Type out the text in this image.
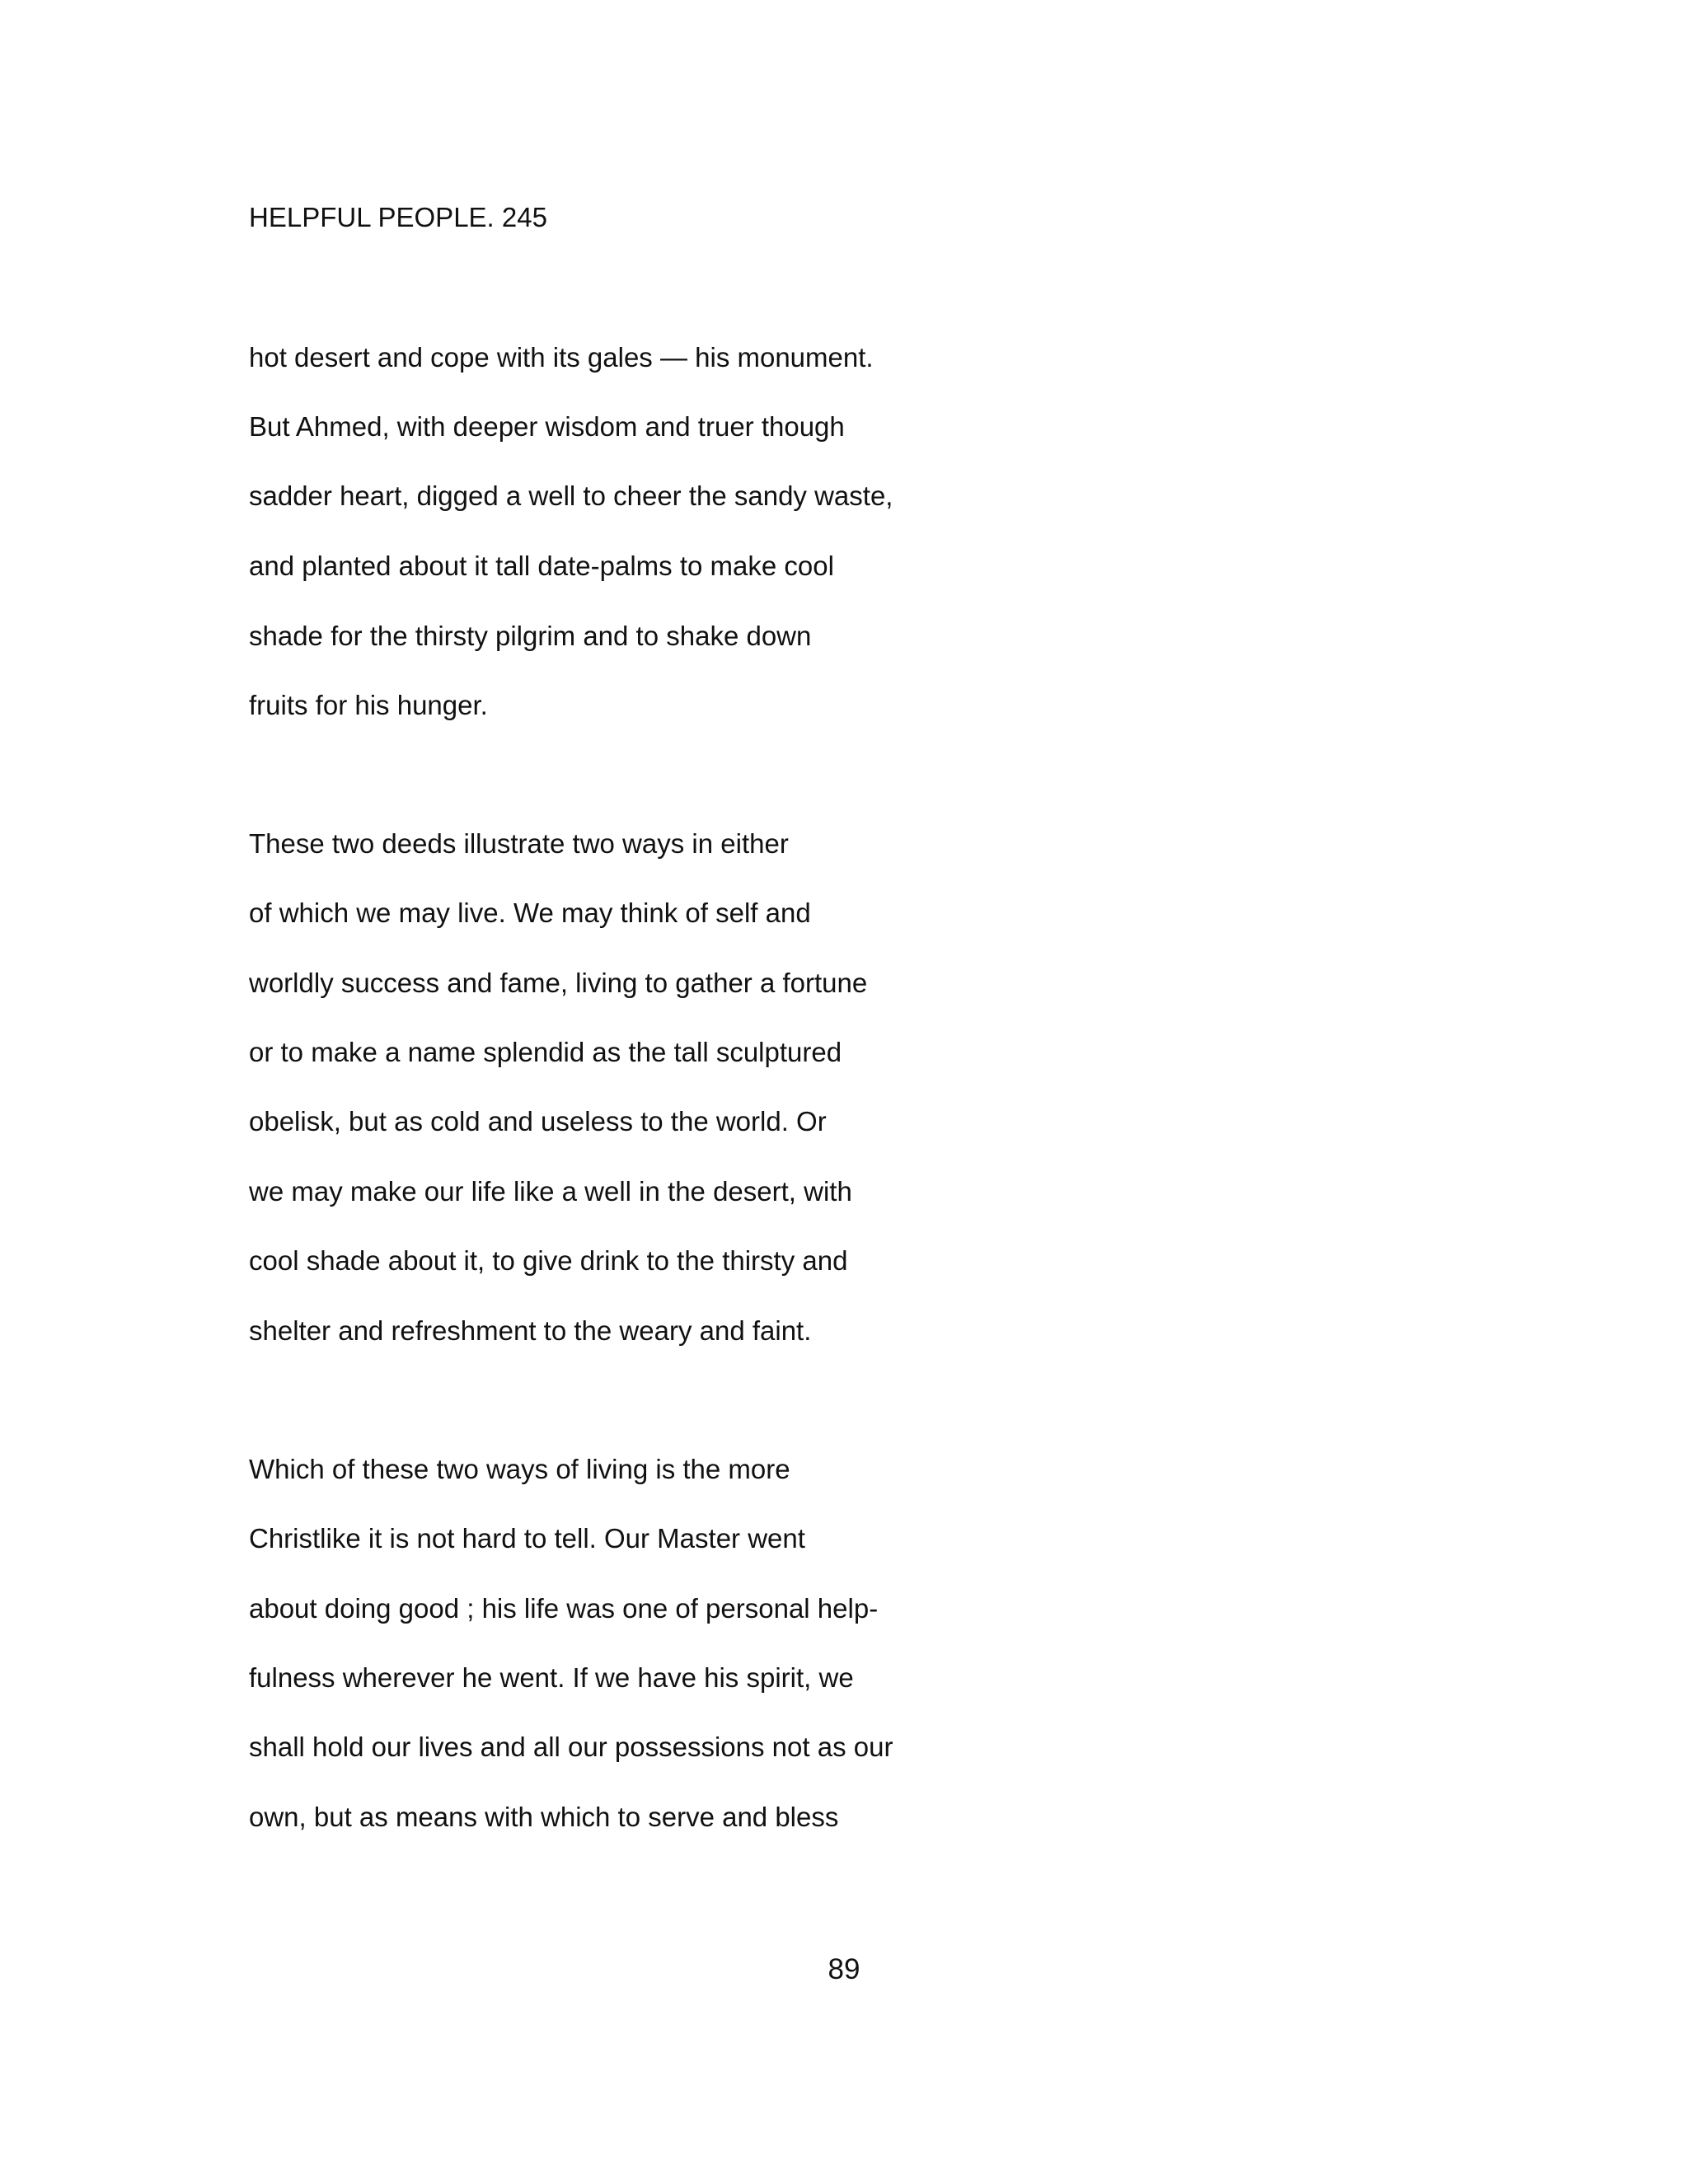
HELPFUL PEOPLE. 245
hot desert and cope with its gales — his monument.
But Ahmed, with deeper wisdom and truer though
sadder heart, digged a well to cheer the sandy waste,
and planted about it tall date-palms to make cool
shade for the thirsty pilgrim and to shake down
fruits for his hunger.
These two deeds illustrate two ways in either
of which we may live. We may think of self and
worldly success and fame, living to gather a fortune
or to make a name splendid as the tall sculptured
obelisk, but as cold and useless to the world. Or
we may make our life like a well in the desert, with
cool shade about it, to give drink to the thirsty and
shelter and refreshment to the weary and faint.
Which of these two ways of living is the more
Christlike it is not hard to tell. Our Master went
about doing good ; his life was one of personal help-
fulness wherever he went. If we have his spirit, we
shall hold our lives and all our possessions not as our
own, but as means with which to serve and bless
89
